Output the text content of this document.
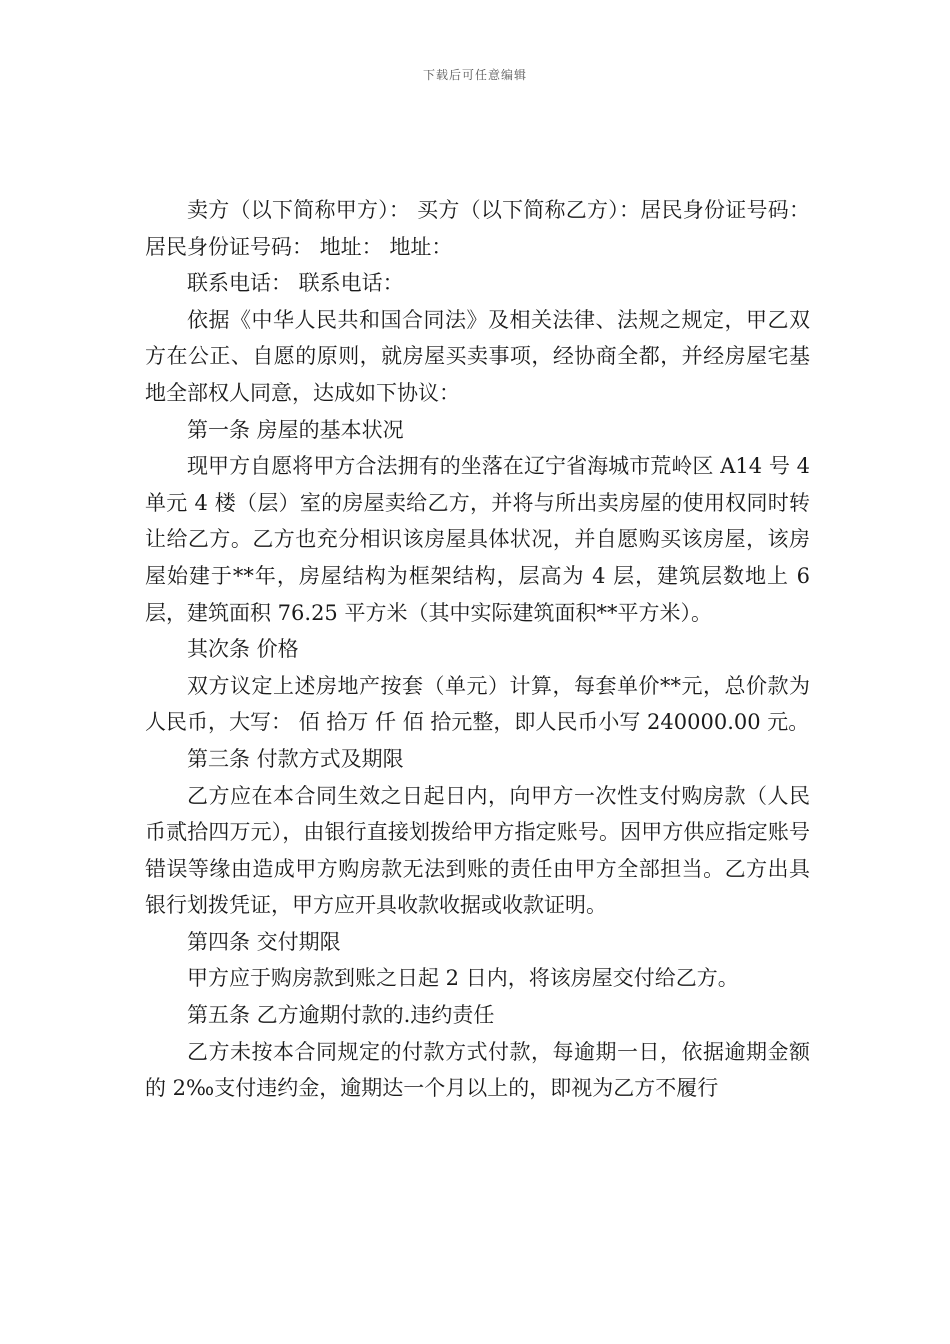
下载后可任意编辑

卖方（以下简称甲方）： 买方（以下简称乙方）：居民身份证号码：居民身份证号码： 地址： 地址：

联系电话： 联系电话：

依据《中华人民共和国合同法》及相关法律、法规之规定，甲乙双方在公正、自愿的原则，就房屋买卖事项，经协商全都，并经房屋宅基地全部权人同意，达成如下协议：

第一条 房屋的基本状况

现甲方自愿将甲方合法拥有的坐落在辽宁省海城市荒岭区 A14 号 4 单元 4 楼（层）室的房屋卖给乙方，并将与所出卖房屋的使用权同时转让给乙方。乙方也充分相识该房屋具体状况，并自愿购买该房屋，该房屋始建于**年，房屋结构为框架结构，层高为 4 层，建筑层数地上 6 层，建筑面积 76.25 平方米（其中实际建筑面积**平方米）。

其次条 价格

双方议定上述房地产按套（单元）计算，每套单价**元，总价款为人民币，大写： 佰 拾万 仟 佰 拾元整，即人民币小写 240000.00 元。

第三条 付款方式及期限

乙方应在本合同生效之日起日内，向甲方一次性支付购房款（人民币贰拾四万元），由银行直接划拨给甲方指定账号。因甲方供应指定账号错误等缘由造成甲方购房款无法到账的责任由甲方全部担当。乙方出具银行划拨凭证，甲方应开具收款收据或收款证明。

第四条 交付期限

甲方应于购房款到账之日起 2 日内，将该房屋交付给乙方。

第五条 乙方逾期付款的.违约责任

乙方未按本合同规定的付款方式付款，每逾期一日，依据逾期金额的 2‰支付违约金，逾期达一个月以上的，即视为乙方不履行
